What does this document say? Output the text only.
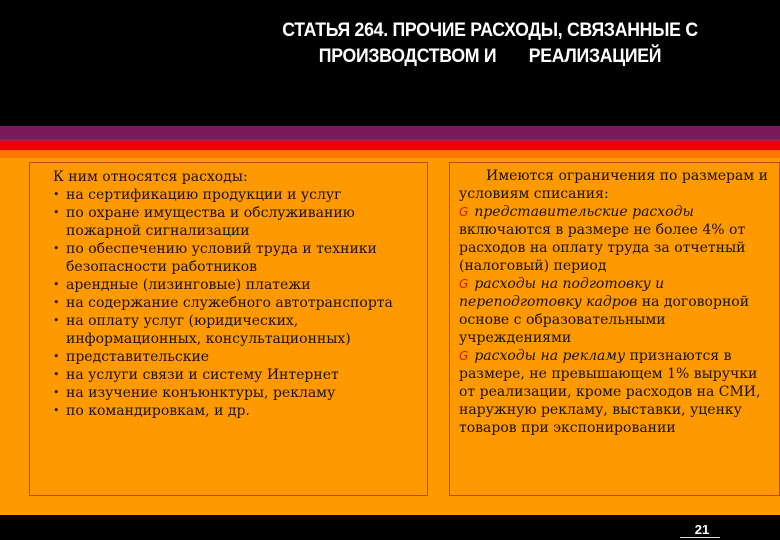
СТАТЬЯ 264. ПРОЧИЕ РАСХОДЫ, СВЯЗАННЫЕ С
ПРОИЗВОДСТВОМ И       РЕАЛИЗАЦИЕЙ
К ним относятся расходы:
• на сертификацию продукции и услуг
• по охране имущества и обслуживанию пожарной сигнализации
• по обеспечению условий труда и техники безопасности работников
• арендные (лизинговые) платежи
• на содержание служебного автотранспорта
• на оплату услуг (юридических, информационных, консультационных)
• представительские
• на услуги связи и систему Интернет
• на изучение конъюнктуры, рекламу
• по командировкам, и др.
Имеются ограничения по размерам и условиям списания:
G представительские расходы включаются в размере не более 4% от расходов на оплату труда за отчетный (налоговый) период
G расходы на подготовку и переподготовку кадров на договорной основе с образовательными учреждениями
G расходы на рекламу признаются в размере, не превышающем 1% выручки от реализации, кроме расходов на СМИ, наружную рекламу, выставки, уценку товаров при экспонировании
21
